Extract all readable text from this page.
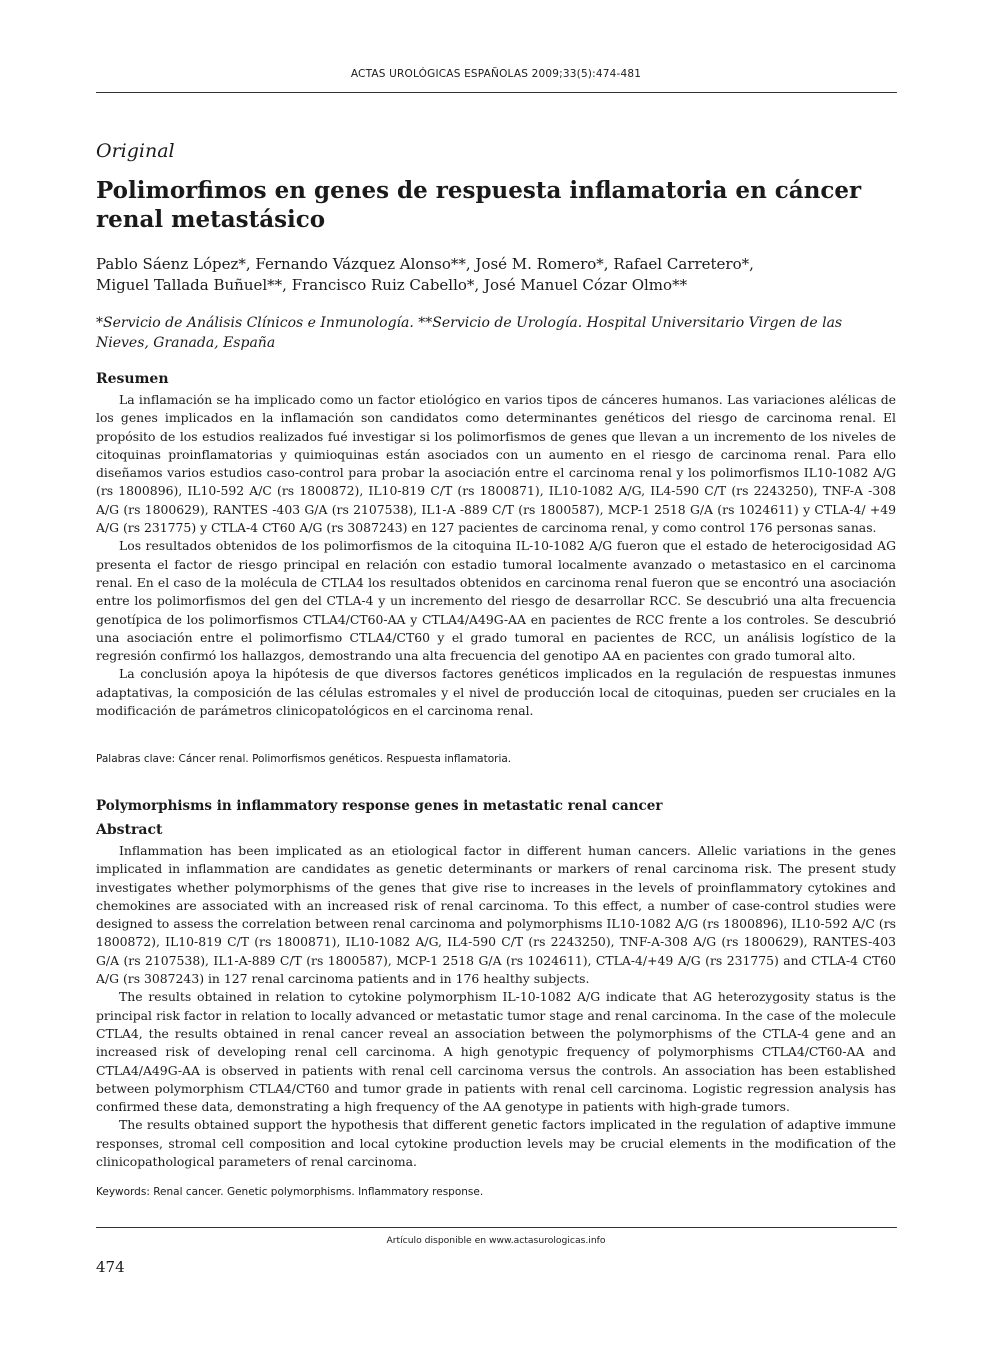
ACTAS UROLÓGICAS ESPAÑOLAS 2009;33(5):474-481
Original
Polimorfimos en genes de respuesta inflamatoria en cáncer renal metastásico
Pablo Sáenz López*, Fernando Vázquez Alonso**, José M. Romero*, Rafael Carretero*,
Miguel Tallada Buñuel**, Francisco Ruiz Cabello*, José Manuel Cózar Olmo**
*Servicio de Análisis Clínicos e Inmunología. **Servicio de Urología. Hospital Universitario Virgen de las Nieves, Granada, España
Resumen

La inflamación se ha implicado como un factor etiológico en varios tipos de cánceres humanos. Las variaciones alélicas de los genes implicados en la inflamación son candidatos como determinantes genéticos del riesgo de carcinoma renal. El propósito de los estudios realizados fué investigar si los polimorfismos de genes que llevan a un incremento de los niveles de citoquinas proinflamatorias y quimioquinas están asociados con un aumento en el riesgo de carcinoma renal. Para ello diseñamos varios estudios caso-control para probar la asociación entre el carcinoma renal y los polimorfismos IL10-1082 A/G (rs 1800896), IL10-592 A/C (rs 1800872), IL10-819 C/T (rs 1800871), IL10-1082 A/G, IL4-590 C/T (rs 2243250), TNF-A -308 A/G (rs 1800629), RANTES -403 G/A (rs 2107538), IL1-A -889 C/T (rs 1800587), MCP-1 2518 G/A (rs 1024611) y CTLA-4/ +49 A/G (rs 231775) y CTLA-4 CT60 A/G (rs 3087243) en 127 pacientes de carcinoma renal, y como control 176 personas sanas.

Los resultados obtenidos de los polimorfismos de la citoquina IL-10-1082 A/G fueron que el estado de heterocigosidad AG presenta el factor de riesgo principal en relación con estadio tumoral localmente avanzado o metastasico en el carcinoma renal. En el caso de la molécula de CTLA4 los resultados obtenidos en carcinoma renal fueron que se encontró una asociación entre los polimorfismos del gen del CTLA-4 y un incremento del riesgo de desarrollar RCC. Se descubrió una alta frecuencia genotípica de los polimorfismos CTLA4/CT60-AA y CTLA4/A49G-AA en pacientes de RCC frente a los controles. Se descubrió una asociación entre el polimorfismo CTLA4/CT60 y el grado tumoral en pacientes de RCC, un análisis logístico de la regresión confirmó los hallazgos, demostrando una alta frecuencia del genotipo AA en pacientes con grado tumoral alto.

La conclusión apoya la hipótesis de que diversos factores genéticos implicados en la regulación de respuestas inmunes adaptativas, la composición de las células estromales y el nivel de producción local de citoquinas, pueden ser cruciales en la modificación de parámetros clinicopatológicos en el carcinoma renal.

Palabras clave: Cáncer renal. Polimorfismos genéticos. Respuesta inflamatoria.
Polymorphisms in inflammatory response genes in metastatic renal cancer
Abstract

Inflammation has been implicated as an etiological factor in different human cancers. Allelic variations in the genes implicated in inflammation are candidates as genetic determinants or markers of renal carcinoma risk. The present study investigates whether polymorphisms of the genes that give rise to increases in the levels of proinflammatory cytokines and chemokines are associated with an increased risk of renal carcinoma. To this effect, a number of case-control studies were designed to assess the correlation between renal carcinoma and polymorphisms IL10-1082 A/G (rs 1800896), IL10-592 A/C (rs 1800872), IL10-819 C/T (rs 1800871), IL10-1082 A/G, IL4-590 C/T (rs 2243250), TNF-A-308 A/G (rs 1800629), RANTES-403 G/A (rs 2107538), IL1-A-889 C/T (rs 1800587), MCP-1 2518 G/A (rs 1024611), CTLA-4/+49 A/G (rs 231775) and CTLA-4 CT60 A/G (rs 3087243) in 127 renal carcinoma patients and in 176 healthy subjects.

The results obtained in relation to cytokine polymorphism IL-10-1082 A/G indicate that AG heterozygosity status is the principal risk factor in relation to locally advanced or metastatic tumor stage and renal carcinoma. In the case of the molecule CTLA4, the results obtained in renal cancer reveal an association between the polymorphisms of the CTLA-4 gene and an increased risk of developing renal cell carcinoma. A high genotypic frequency of polymorphisms CTLA4/CT60-AA and CTLA4/A49G-AA is observed in patients with renal cell carcinoma versus the controls. An association has been established between polymorphism CTLA4/CT60 and tumor grade in patients with renal cell carcinoma. Logistic regression analysis has confirmed these data, demonstrating a high frequency of the AA genotype in patients with high-grade tumors.

The results obtained support the hypothesis that different genetic factors implicated in the regulation of adaptive immune responses, stromal cell composition and local cytokine production levels may be crucial elements in the modification of the clinicopathological parameters of renal carcinoma.

Keywords: Renal cancer. Genetic polymorphisms. Inflammatory response.
Artículo disponible en www.actasurologicas.info
474
